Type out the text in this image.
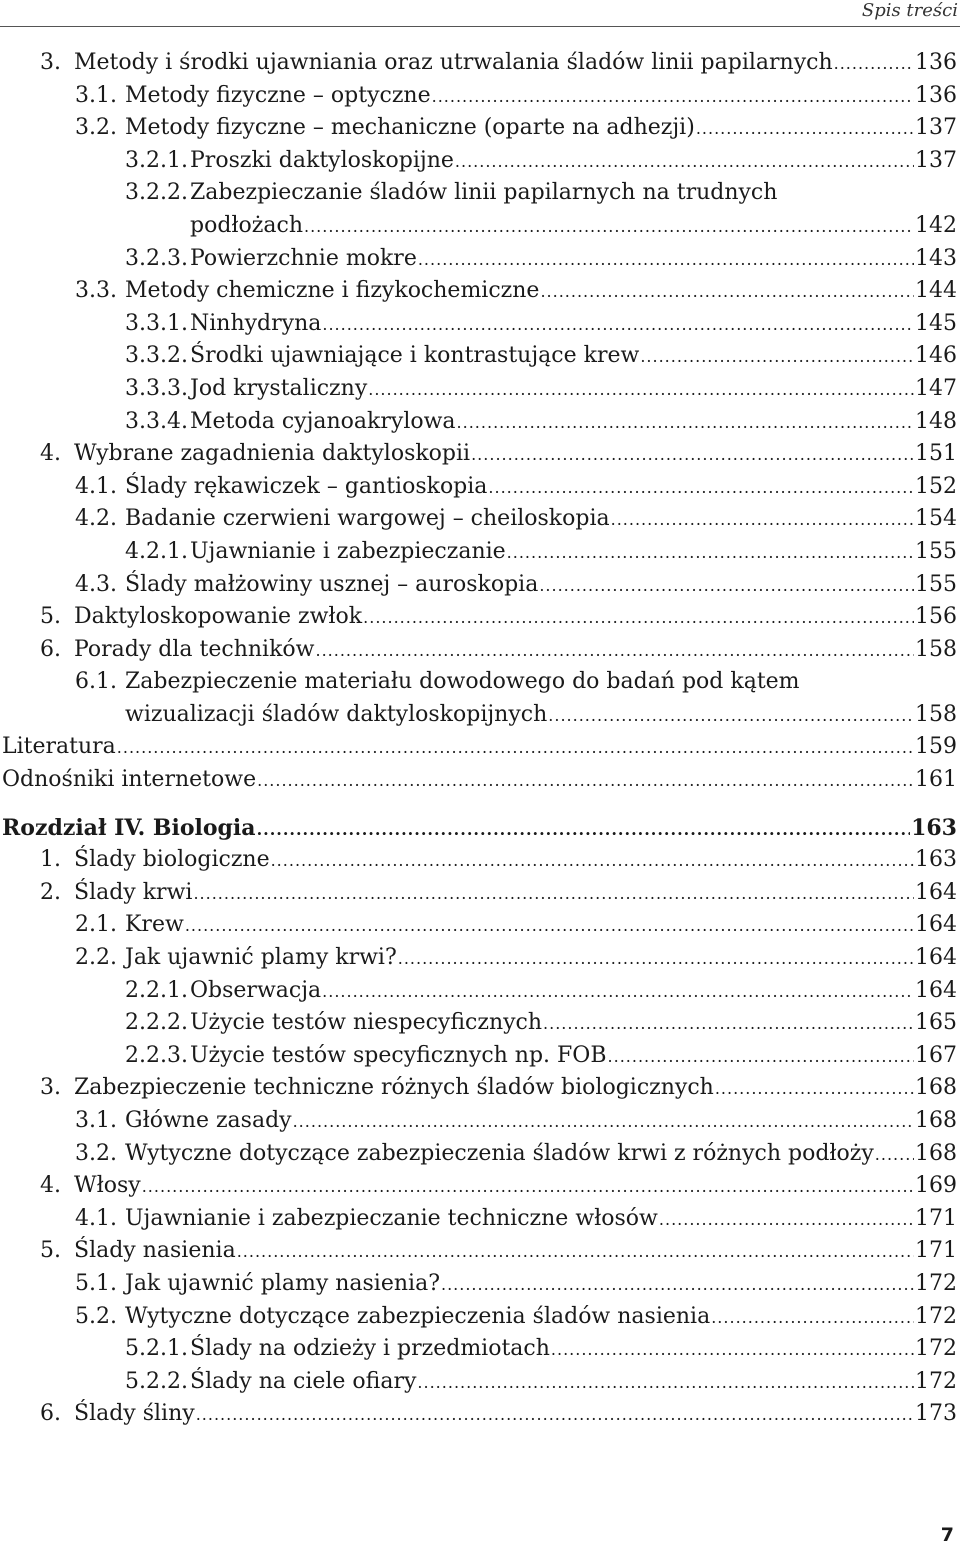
Spis treści
3. Metody i środki ujawniania oraz utrwalania śladów linii papilarnych .....	136
3.1. Metody fizyczne – optyczne .....	136
3.2. Metody fizyczne – mechaniczne (oparte na adhezji) .....	137
3.2.1. Proszki daktyloskopijne .....	137
3.2.2. Zabezpieczanie śladów linii papilarnych na trudnych
podłożach .....	142
3.2.3. Powierzchnie mokre .....	143
3.3. Metody chemiczne i fizykochemiczne .....	144
3.3.1. Ninhydryna .....	145
3.3.2. Środki ujawniające i kontrastujące krew .....	146
3.3.3. Jod krystaliczny .....	147
3.3.4. Metoda cyjanoakrylowa .....	148
4. Wybrane zagadnienia daktyloskopii .....	151
4.1. Ślady rękawiczek – gantioskopia .....	152
4.2. Badanie czerwieni wargowej – cheiloskopia .....	154
4.2.1. Ujawnianie i zabezpieczanie .....	155
4.3. Ślady małżowiny usznej – auroskopia .....	155
5. Daktyloskopowanie zwłok .....	156
6. Porady dla techników .....	158
6.1. Zabezpieczenie materiału dowodowego do badań pod kątem
wizualizacji śladów daktyloskopijnych .....	158
Literatura .....	159
Odnośniki internetowe .....	161
Rozdział IV. Biologia .....	163
1. Ślady biologiczne .....	163
2. Ślady krwi .....	164
2.1. Krew .....	164
2.2. Jak ujawnić plamy krwi? .....	164
2.2.1. Obserwacja .....	164
2.2.2. Użycie testów niespecyficznych .....	165
2.2.3. Użycie testów specyficznych np. FOB .....	167
3. Zabezpieczenie techniczne różnych śladów biologicznych .....	168
3.1. Główne zasady .....	168
3.2. Wytyczne dotyczące zabezpieczenia śladów krwi z różnych podłoży ..... 168
4. Włosy .....	169
4.1. Ujawnianie i zabezpieczanie techniczne włosów .....	171
5. Ślady nasienia .....	171
5.1. Jak ujawnić plamy nasienia? .....	172
5.2. Wytyczne dotyczące zabezpieczenia śladów nasienia .....	172
5.2.1. Ślady na odzieży i przedmiotach .....	172
5.2.2. Ślady na ciele ofiary .....	172
6. Ślady śliny .....	173
7
